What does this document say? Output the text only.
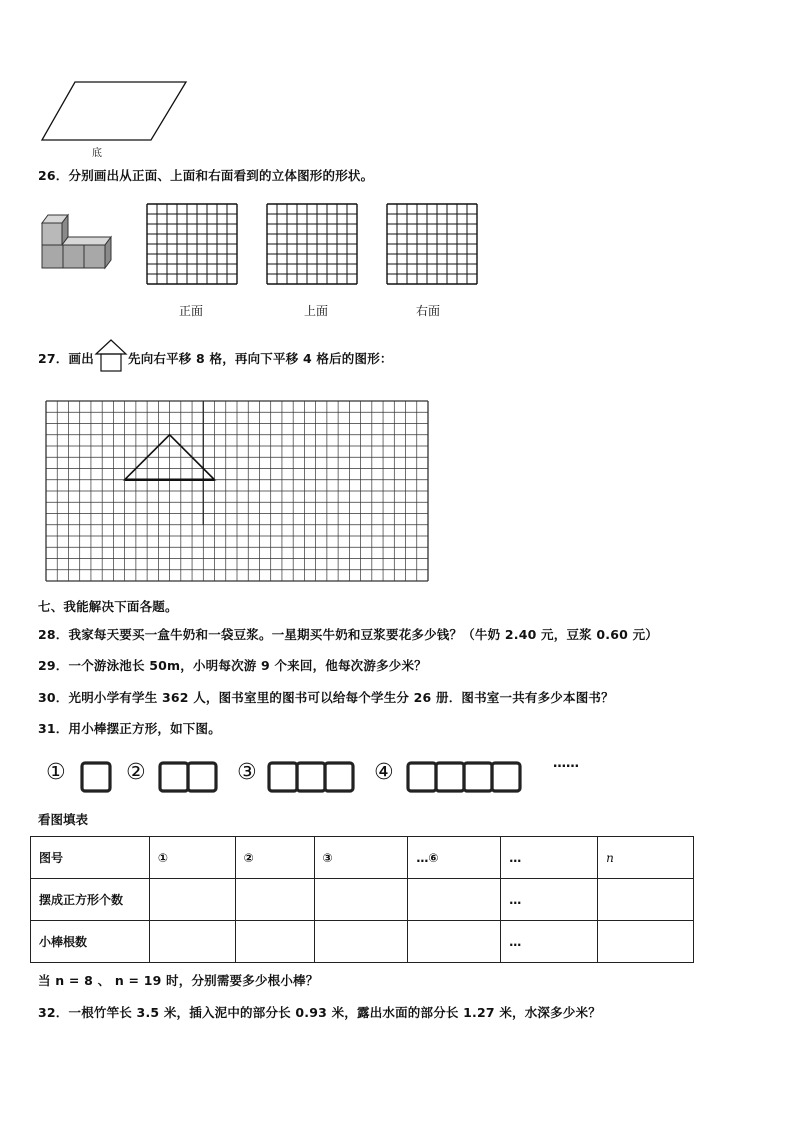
底
26．分别画出从正面、上面和右面看到的立体图形的形状。
正面	上面	右面
27．画出	先向右平移 8 格，再向下平移 4 格后的图形：
七、我能解决下面各题。
28．我家每天要买一盒牛奶和一袋豆浆。一星期买牛奶和豆浆要花多少钱？（牛奶 2.40 元，豆浆 0.60 元）
29．一个游泳池长 50m，小明每次游 9 个来回，他每次游多少米？
30．光明小学有学生 362 人，图书室里的图书可以给每个学生分 26 册．图书室一共有多少本图书？
31．用小棒摆正方形，如下图。
①	②	③	④	……
看图填表
图号	①	②	③	…⑥	…	n
摆成正方形个数					…	
小棒根数					…	
当 n = 8 、 n = 19 时，分别需要多少根小棒？
32．一根竹竿长 3.5 米，插入泥中的部分长 0.93 米，露出水面的部分长 1.27 米，水深多少米？
